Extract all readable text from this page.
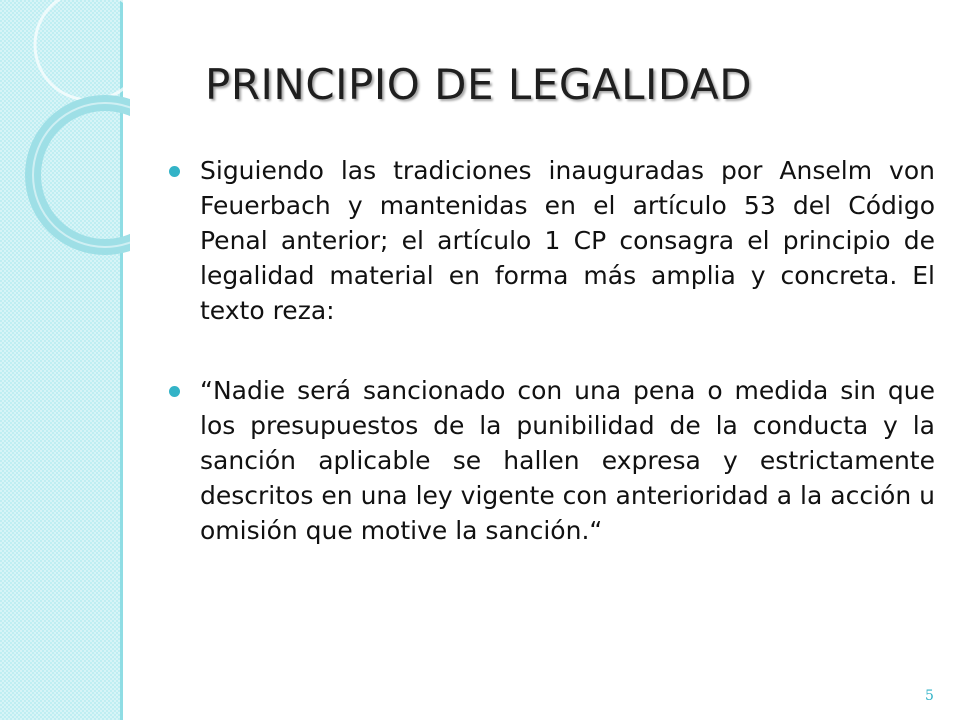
PRINCIPIO DE LEGALIDAD
Siguiendo las tradiciones inauguradas por Anselm von Feuerbach y mantenidas en el artículo 53 del Código Penal anterior; el artículo 1 CP consagra el principio de legalidad material en forma más amplia y concreta. El texto reza:
“Nadie será sancionado con una pena o medida sin que los presupuestos de la punibilidad de la conducta y la sanción aplicable se hallen expresa y estrictamente descritos en una ley vigente con anterioridad a la acción u omisión que motive la sanción.“
5
